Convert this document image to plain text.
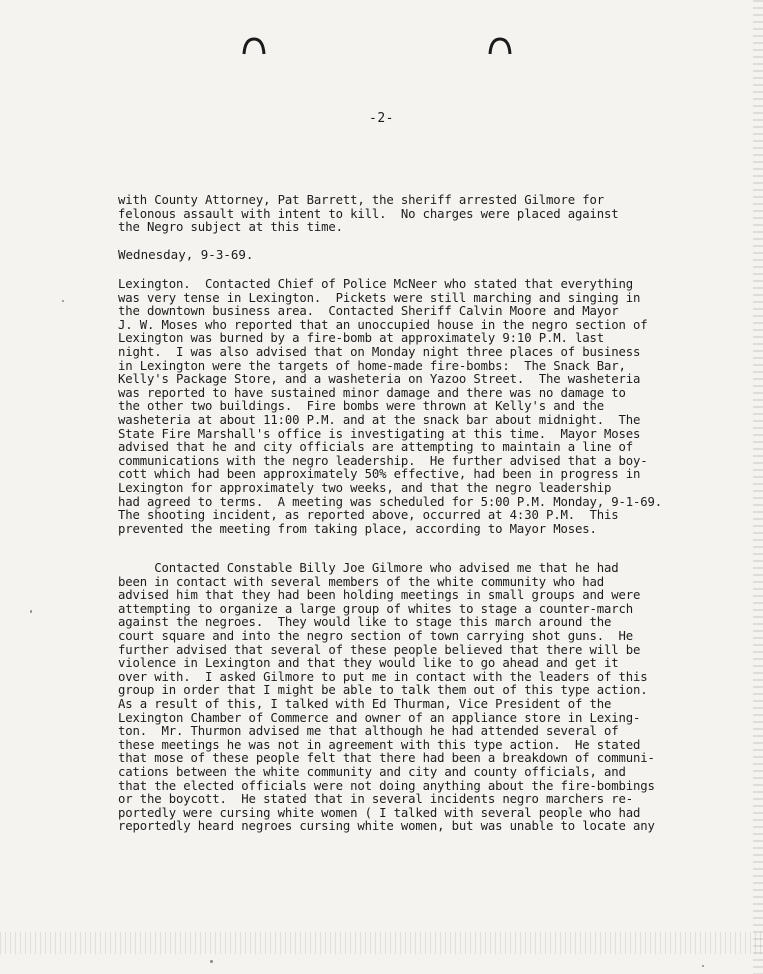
-2-
with County Attorney, Pat Barrett, the sheriff arrested Gilmore for
felonous assault with intent to kill.  No charges were placed against
the Negro subject at this time.
Wednesday, 9-3-69.
Lexington.  Contacted Chief of Police McNeer who stated that everything
was very tense in Lexington.  Pickets were still marching and singing in
the downtown business area.  Contacted Sheriff Calvin Moore and Mayor
J. W. Moses who reported that an unoccupied house in the negro section of
Lexington was burned by a fire-bomb at approximately 9:10 P.M. last
night.  I was also advised that on Monday night three places of business
in Lexington were the targets of home-made fire-bombs:  The Snack Bar,
Kelly's Package Store, and a washeteria on Yazoo Street.  The washeteria
was reported to have sustained minor damage and there was no damage to
the other two buildings.  Fire bombs were thrown at Kelly's and the
washeteria at about 11:00 P.M. and at the snack bar about midnight.  The
State Fire Marshall's office is investigating at this time.  Mayor Moses
advised that he and city officials are attempting to maintain a line of
communications with the negro leadership.  He further advised that a boy-
cott which had been approximately 50% effective, had been in progress in
Lexington for approximately two weeks, and that the negro leadership
had agreed to terms.  A meeting was scheduled for 5:00 P.M. Monday, 9-1-69.
The shooting incident, as reported above, occurred at 4:30 P.M.  This
prevented the meeting from taking place, according to Mayor Moses.
Contacted Constable Billy Joe Gilmore who advised me that he had
been in contact with several members of the white community who had
advised him that they had been holding meetings in small groups and were
attempting to organize a large group of whites to stage a counter-march
against the negroes.  They would like to stage this march around the
court square and into the negro section of town carrying shot guns.  He
further advised that several of these people believed that there will be
violence in Lexington and that they would like to go ahead and get it
over with.  I asked Gilmore to put me in contact with the leaders of this
group in order that I might be able to talk them out of this type action.
As a result of this, I talked with Ed Thurman, Vice President of the
Lexington Chamber of Commerce and owner of an appliance store in Lexing-
ton.  Mr. Thurmon advised me that although he had attended several of
these meetings he was not in agreement with this type action.  He stated
that mose of these people felt that there had been a breakdown of communi-
cations between the white community and city and county officials, and
that the elected officials were not doing anything about the fire-bombings
or the boycott.  He stated that in several incidents negro marchers re-
portedly were cursing white women ( I talked with several people who had
reportedly heard negroes cursing white women, but was unable to locate any
